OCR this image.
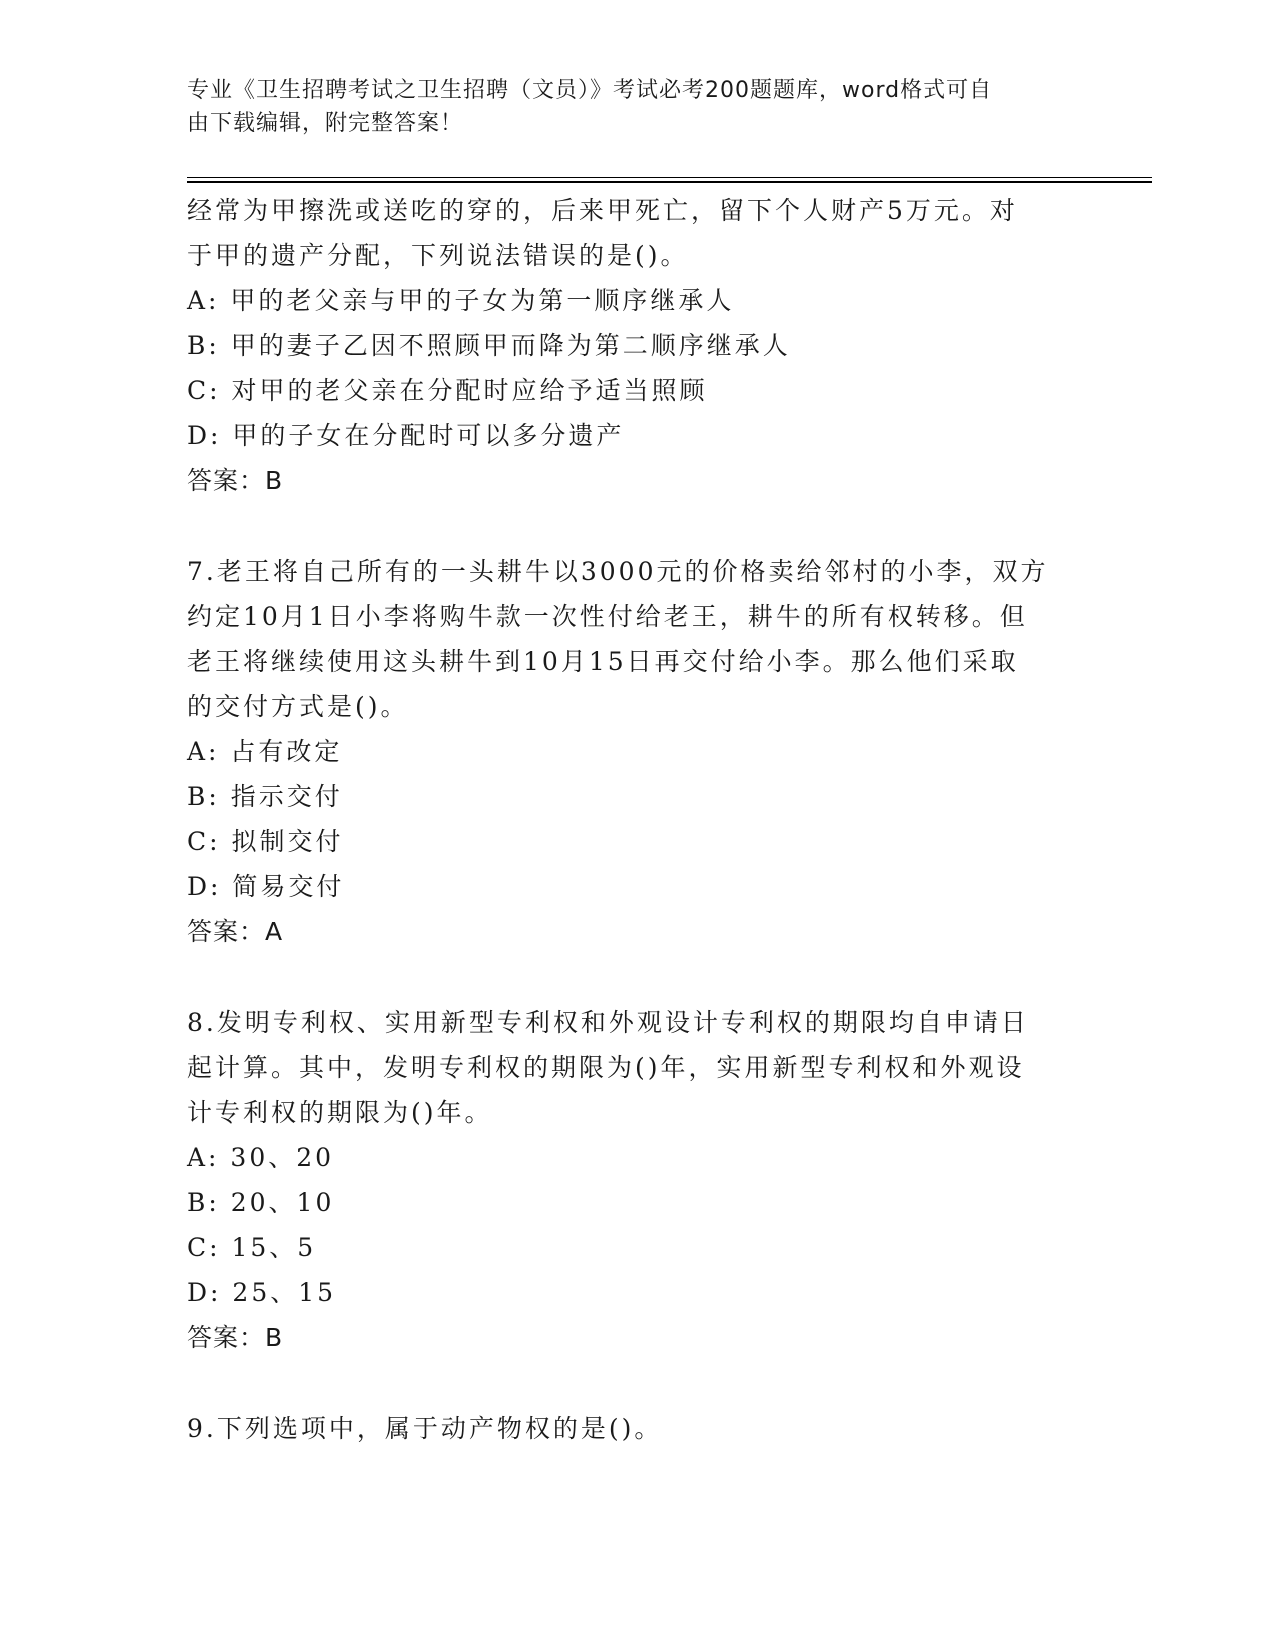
专业《卫生招聘考试之卫生招聘（文员）》考试必考200题题库，word格式可自
由下载编辑，附完整答案！
经常为甲擦洗或送吃的穿的，后来甲死亡，留下个人财产5万元。对
于甲的遗产分配，下列说法错误的是()。
A: 甲的老父亲与甲的子女为第一顺序继承人
B: 甲的妻子乙因不照顾甲而降为第二顺序继承人
C: 对甲的老父亲在分配时应给予适当照顾
D: 甲的子女在分配时可以多分遗产
答案：B
7.老王将自己所有的一头耕牛以3000元的价格卖给邻村的小李，双方
约定10月1日小李将购牛款一次性付给老王，耕牛的所有权转移。但
老王将继续使用这头耕牛到10月15日再交付给小李。那么他们采取
的交付方式是()。
A: 占有改定
B: 指示交付
C: 拟制交付
D: 简易交付
答案：A
8.发明专利权、实用新型专利权和外观设计专利权的期限均自申请日
起计算。其中，发明专利权的期限为()年，实用新型专利权和外观设
计专利权的期限为()年。
A: 30、20
B: 20、10
C: 15、5
D: 25、15
答案：B
9.下列选项中，属于动产物权的是()。
